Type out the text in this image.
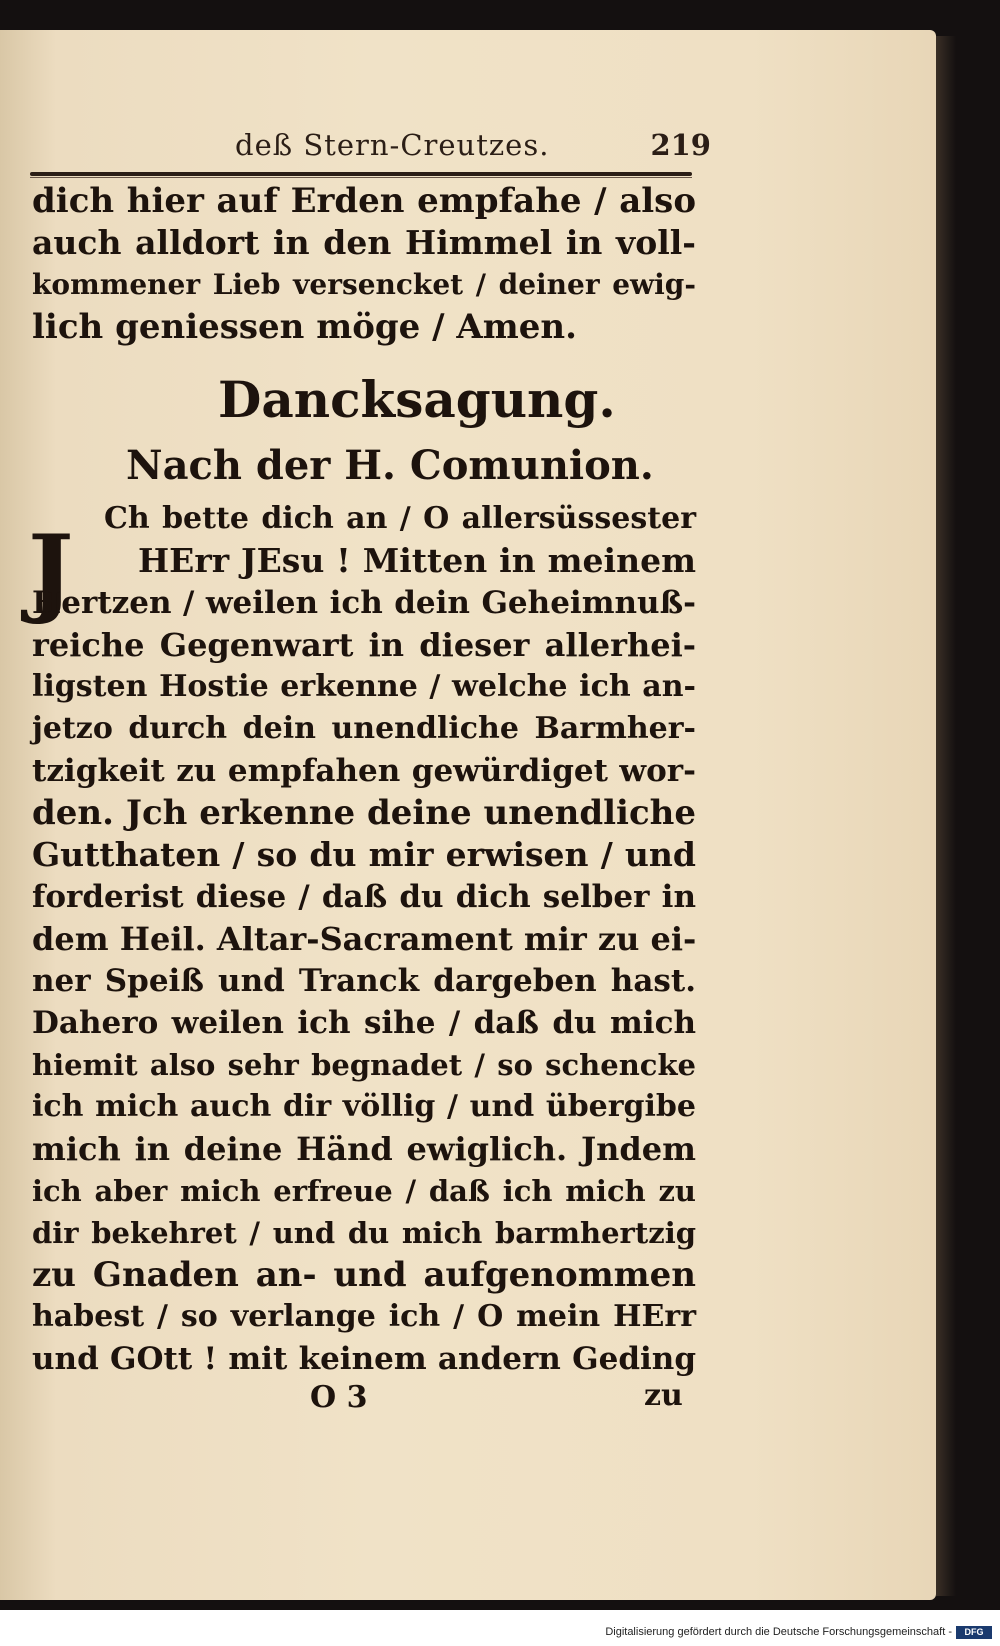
deß Stern-Creutzes.	219
dich hier auf Erden empfahe / also
auch alldort in den Himmel in voll-
kommener Lieb versencket / deiner ewig-
lich geniessen möge / Amen.
Dancksagung.
Nach der H. Comunion.
J Ch bette dich an / O allersüssester
HErr JEsu ! Mitten in meinem
Hertzen / weilen ich dein Geheimnuß-
reiche Gegenwart in dieser allerhei-
ligsten Hostie erkenne / welche ich an-
jetzo durch dein unendliche Barmher-
tzigkeit zu empfahen gewürdiget wor-
den. Jch erkenne deine unendliche
Gutthaten / so du mir erwisen / und
forderist diese / daß du dich selber in
dem Heil. Altar-Sacrament mir zu ei-
ner Speiß und Tranck dargeben hast.
Dahero weilen ich sihe / daß du mich
hiemit also sehr begnadet / so schencke
ich mich auch dir völlig / und übergibe
mich in deine Händ ewiglich. Jndem
ich aber mich erfreue / daß ich mich zu
dir bekehret / und du mich barmhertzig
zu Gnaden an- und aufgenommen
habest / so verlange ich / O mein HErr
und GOtt ! mit keinem andern Geding
O 3	zu
Digitalisierung gefördert durch die Deutsche Forschungsgemeinschaft -	DFG
